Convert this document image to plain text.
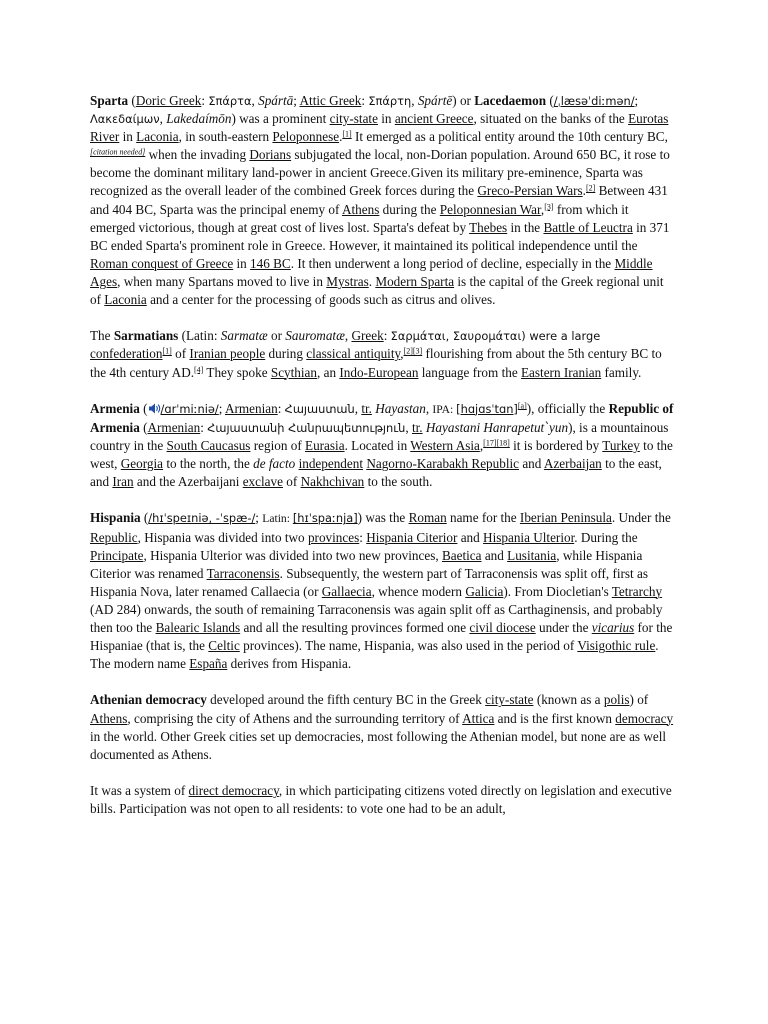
Sparta (Doric Greek: Σπάρτα, Spártā; Attic Greek: Σπάρτη, Spártē) or Lacedaemon (/ˌlæsəˈdiːmən/; Λακεδαίμων, Lakedaímōn) was a prominent city-state in ancient Greece, situated on the banks of the Eurotas River in Laconia, in south-eastern Peloponnese.[1] It emerged as a political entity around the 10th century BC,[citation needed] when the invading Dorians subjugated the local, non-Dorian population. Around 650 BC, it rose to become the dominant military land-power in ancient Greece.Given its military pre-eminence, Sparta was recognized as the overall leader of the combined Greek forces during the Greco-Persian Wars.[2] Between 431 and 404 BC, Sparta was the principal enemy of Athens during the Peloponnesian War,[3] from which it emerged victorious, though at great cost of lives lost. Sparta's defeat by Thebes in the Battle of Leuctra in 371 BC ended Sparta's prominent role in Greece. However, it maintained its political independence until the Roman conquest of Greece in 146 BC. It then underwent a long period of decline, especially in the Middle Ages, when many Spartans moved to live in Mystras. Modern Sparta is the capital of the Greek regional unit of Laconia and a center for the processing of goods such as citrus and olives.

The Sarmatians (Latin: Sarmatæ or Sauromatæ, Greek: Σαρμάται, Σαυρομάται) were a large confederation[1] of Iranian people during classical antiquity,[2][3] flourishing from about the 5th century BC to the 4th century AD.[4] They spoke Scythian, an Indo-European language from the Eastern Iranian family.

Armenia ( /ɑrˈmiːniə/; Armenian: Հայաստան, tr. Hayastan, IPA: [hɑjɑsˈtɑn][a]), officially the Republic of Armenia (Armenian: Հայաստանի Հանրապետություն, tr. Hayastani Hanrapetut՝yun), is a mountainous country in the South Caucasus region of Eurasia. Located in Western Asia,[17][18] it is bordered by Turkey to the west, Georgia to the north, the de facto independent Nagorno-Karabakh Republic and Azerbaijan to the east, and Iran and the Azerbaijani exclave of Nakhchivan to the south.

Hispania (/hɪˈspeɪniə, -ˈspæ-/; Latin: [hɪˈspaːnja]) was the Roman name for the Iberian Peninsula. Under the Republic, Hispania was divided into two provinces: Hispania Citerior and Hispania Ulterior. During the Principate, Hispania Ulterior was divided into two new provinces, Baetica and Lusitania, while Hispania Citerior was renamed Tarraconensis. Subsequently, the western part of Tarraconensis was split off, first as Hispania Nova, later renamed Callaecia (or Gallaecia, whence modern Galicia). From Diocletian's Tetrarchy (AD 284) onwards, the south of remaining Tarraconensis was again split off as Carthaginensis, and probably then too the Balearic Islands and all the resulting provinces formed one civil diocese under the vicarius for the Hispaniae (that is, the Celtic provinces). The name, Hispania, was also used in the period of Visigothic rule. The modern name España derives from Hispania.

Athenian democracy developed around the fifth century BC in the Greek city-state (known as a polis) of Athens, comprising the city of Athens and the surrounding territory of Attica and is the first known democracy in the world. Other Greek cities set up democracies, most following the Athenian model, but none are as well documented as Athens.

It was a system of direct democracy, in which participating citizens voted directly on legislation and executive bills. Participation was not open to all residents: to vote one had to be an adult,
